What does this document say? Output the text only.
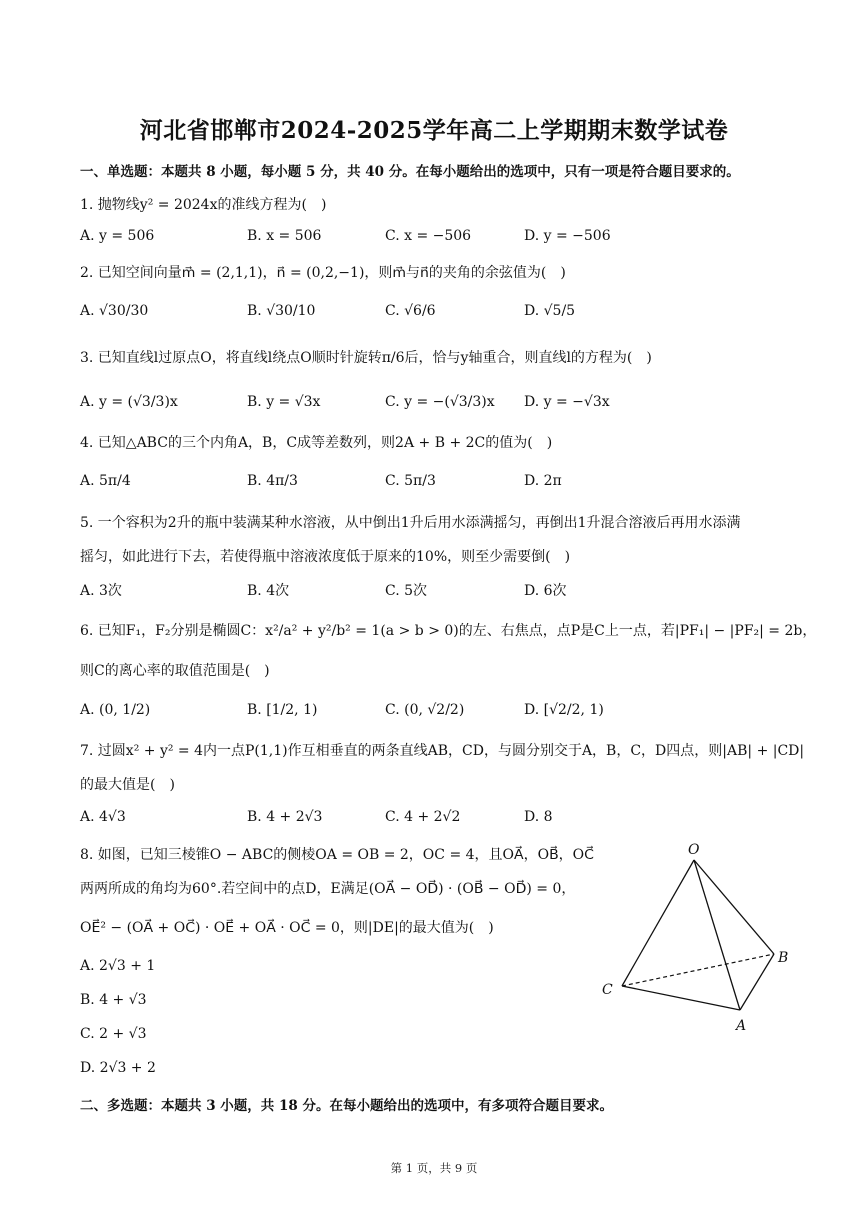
河北省邯郸市2024-2025学年高二上学期期末数学试卷
一、单选题：本题共 8 小题，每小题 5 分，共 40 分。在每小题给出的选项中，只有一项是符合题目要求的。
1. 抛物线y² = 2024x的准线方程为(　)
A. y = 506	B. x = 506	C. x = −506	D. y = −506
2. 已知空间向量m⃗ = (2,1,1)，n⃗ = (0,2,−1)，则m⃗与n⃗的夹角的余弦值为(　)
A. √30/30	B. √30/10	C. √6/6	D. √5/5
3. 已知直线l过原点O，将直线l绕点O顺时针旋转π/6后，恰与y轴重合，则直线l的方程为(　)
A. y = (√3/3)x	B. y = √3x	C. y = −(√3/3)x D. y = −√3x
4. 已知△ABC的三个内角A，B，C成等差数列，则2A + B + 2C的值为(　)
A. 5π/4	B. 4π/3	C. 5π/3	D. 2π
5. 一个容积为2升的瓶中装满某种水溶液，从中倒出1升后用水添满摇匀，再倒出1升混合溶液后再用水添满
摇匀，如此进行下去，若使得瓶中溶液浓度低于原来的10%，则至少需要倒(　)
A. 3次	B. 4次	C. 5次	D. 6次
6. 已知F₁，F₂分别是椭圆C：x²/a² + y²/b² = 1(a > b > 0)的左、右焦点，点P是C上一点，若|PF₁| − |PF₂| = 2b，
则C的离心率的取值范围是(　)
A. (0, 1/2)	B. [1/2, 1)	C. (0, √2/2)	D. [√2/2, 1)
7. 过圆x² + y² = 4内一点P(1,1)作互相垂直的两条直线AB，CD，与圆分别交于A，B，C，D四点，则|AB| + |CD|
的最大值是(　)
A. 4√3	B. 4 + 2√3	C. 4 + 2√2	D. 8
8. 如图，已知三棱锥O − ABC的侧棱OA = OB = 2，OC = 4，且OA⃗，OB⃗，OC⃗
两两所成的角均为60°.若空间中的点D，E满足(OA⃗ − OD⃗) · (OB⃗ − OD⃗) = 0，
OE⃗² − (OA⃗ + OC⃗) · OE⃗ + OA⃗ · OC⃗ = 0，则|DE|的最大值为(　)
A. 2√3 + 1
B. 4 + √3
C. 2 + √3
D. 2√3 + 2
O
C
A
B
二、多选题：本题共 3 小题，共 18 分。在每小题给出的选项中，有多项符合题目要求。
第 1 页，共 9 页
